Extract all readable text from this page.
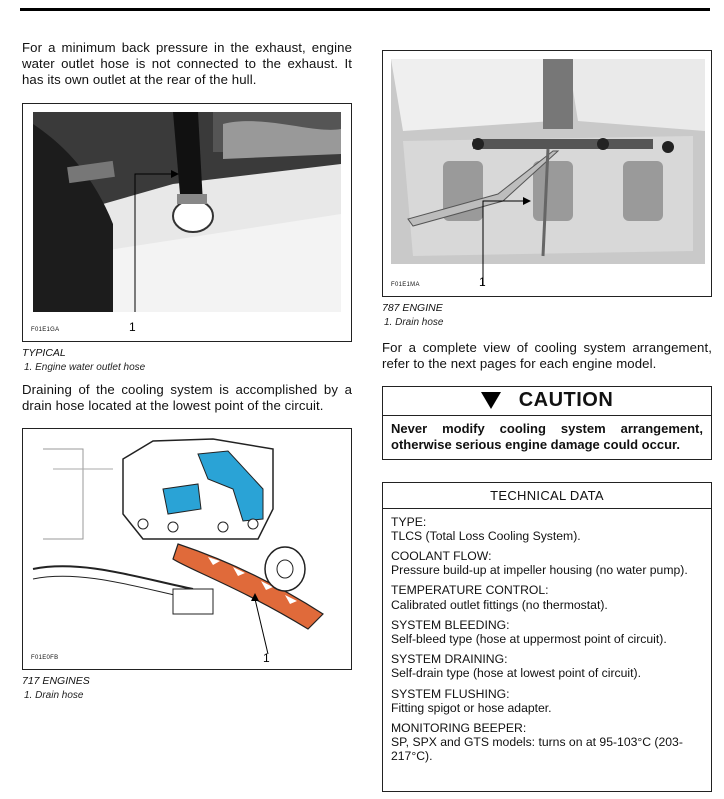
For a minimum back pressure in the exhaust, engine water outlet hose is not connected to the exhaust. It has its own outlet at the rear of the hull.

F01E1GA	1
TYPICAL
1. Engine water outlet hose

Draining of the cooling system is accomplished by a drain hose located at the lowest point of the circuit.

F01E0FB	1
717 ENGINES
1. Drain hose
F01E1MA	1
787 ENGINE
1. Drain hose

For a complete view of cooling system arrangement, refer to the next pages for each engine model.

CAUTION
Never modify cooling system arrangement, otherwise serious engine damage could occur.
TECHNICAL DATA
TYPE:
TLCS (Total Loss Cooling System).
COOLANT FLOW:
Pressure build-up at impeller housing (no water pump).
TEMPERATURE CONTROL:
Calibrated outlet fittings (no thermostat).
SYSTEM BLEEDING:
Self-bleed type (hose at uppermost point of circuit).
SYSTEM DRAINING:
Self-drain type (hose at lowest point of circuit).
SYSTEM FLUSHING:
Fitting spigot or hose adapter.
MONITORING BEEPER:
SP, SPX and GTS models: turns on at 95-103°C (203-217°C).
